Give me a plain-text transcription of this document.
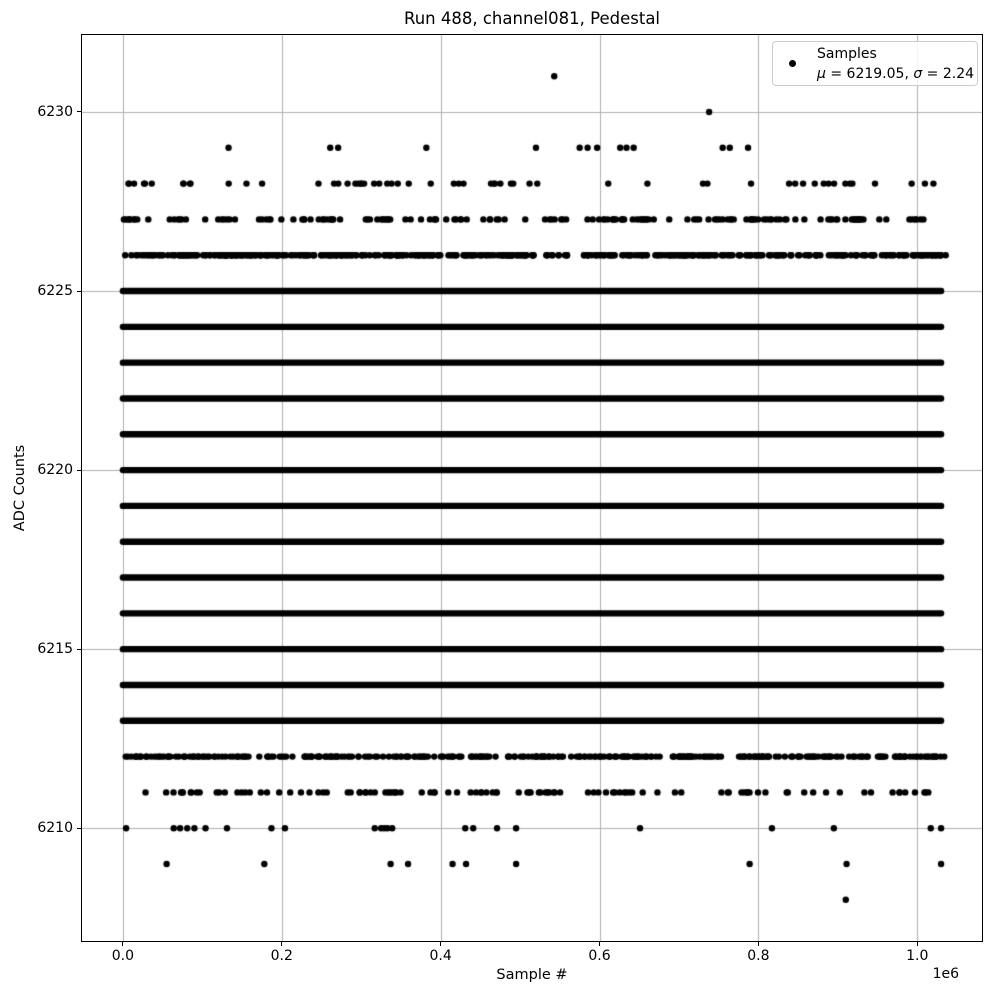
Run 488, channel081, Pedestal
Samples
μ = 6219.05, σ = 2.24
0.0	0.2	0.4	0.6	0.8	1.0
6210
6215
6220
6225
6230
Sample #	1e6
ADC Counts
